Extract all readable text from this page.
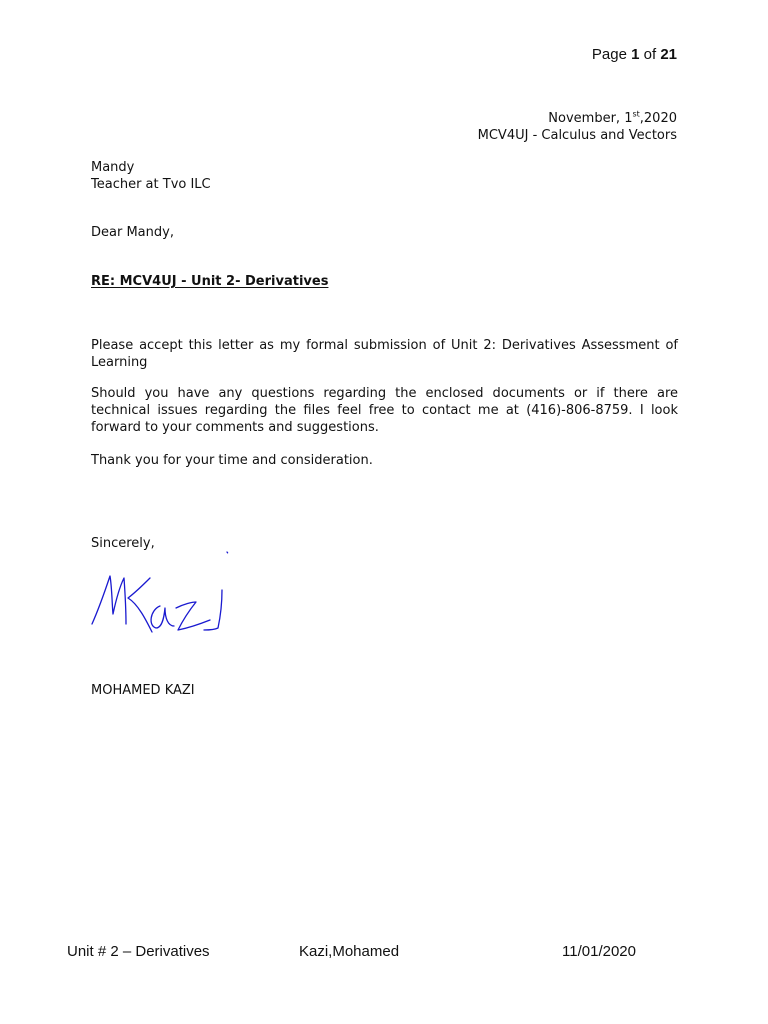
Page 1 of 21
November, 1st,2020
MCV4UJ - Calculus and Vectors
Mandy
Teacher at Tvo ILC
Dear Mandy,
RE: MCV4UJ - Unit 2- Derivatives
Please accept this letter as my formal submission of Unit 2: Derivatives Assessment of Learning
Should you have any questions regarding the enclosed documents or if there are technical issues regarding the files feel free to contact me at (416)-806-8759. I look forward to your comments and suggestions.
Thank you for your time and consideration.
Sincerely,
MOHAMED KAZI
Unit # 2 – Derivatives	Kazi,Mohamed	11/01/2020
